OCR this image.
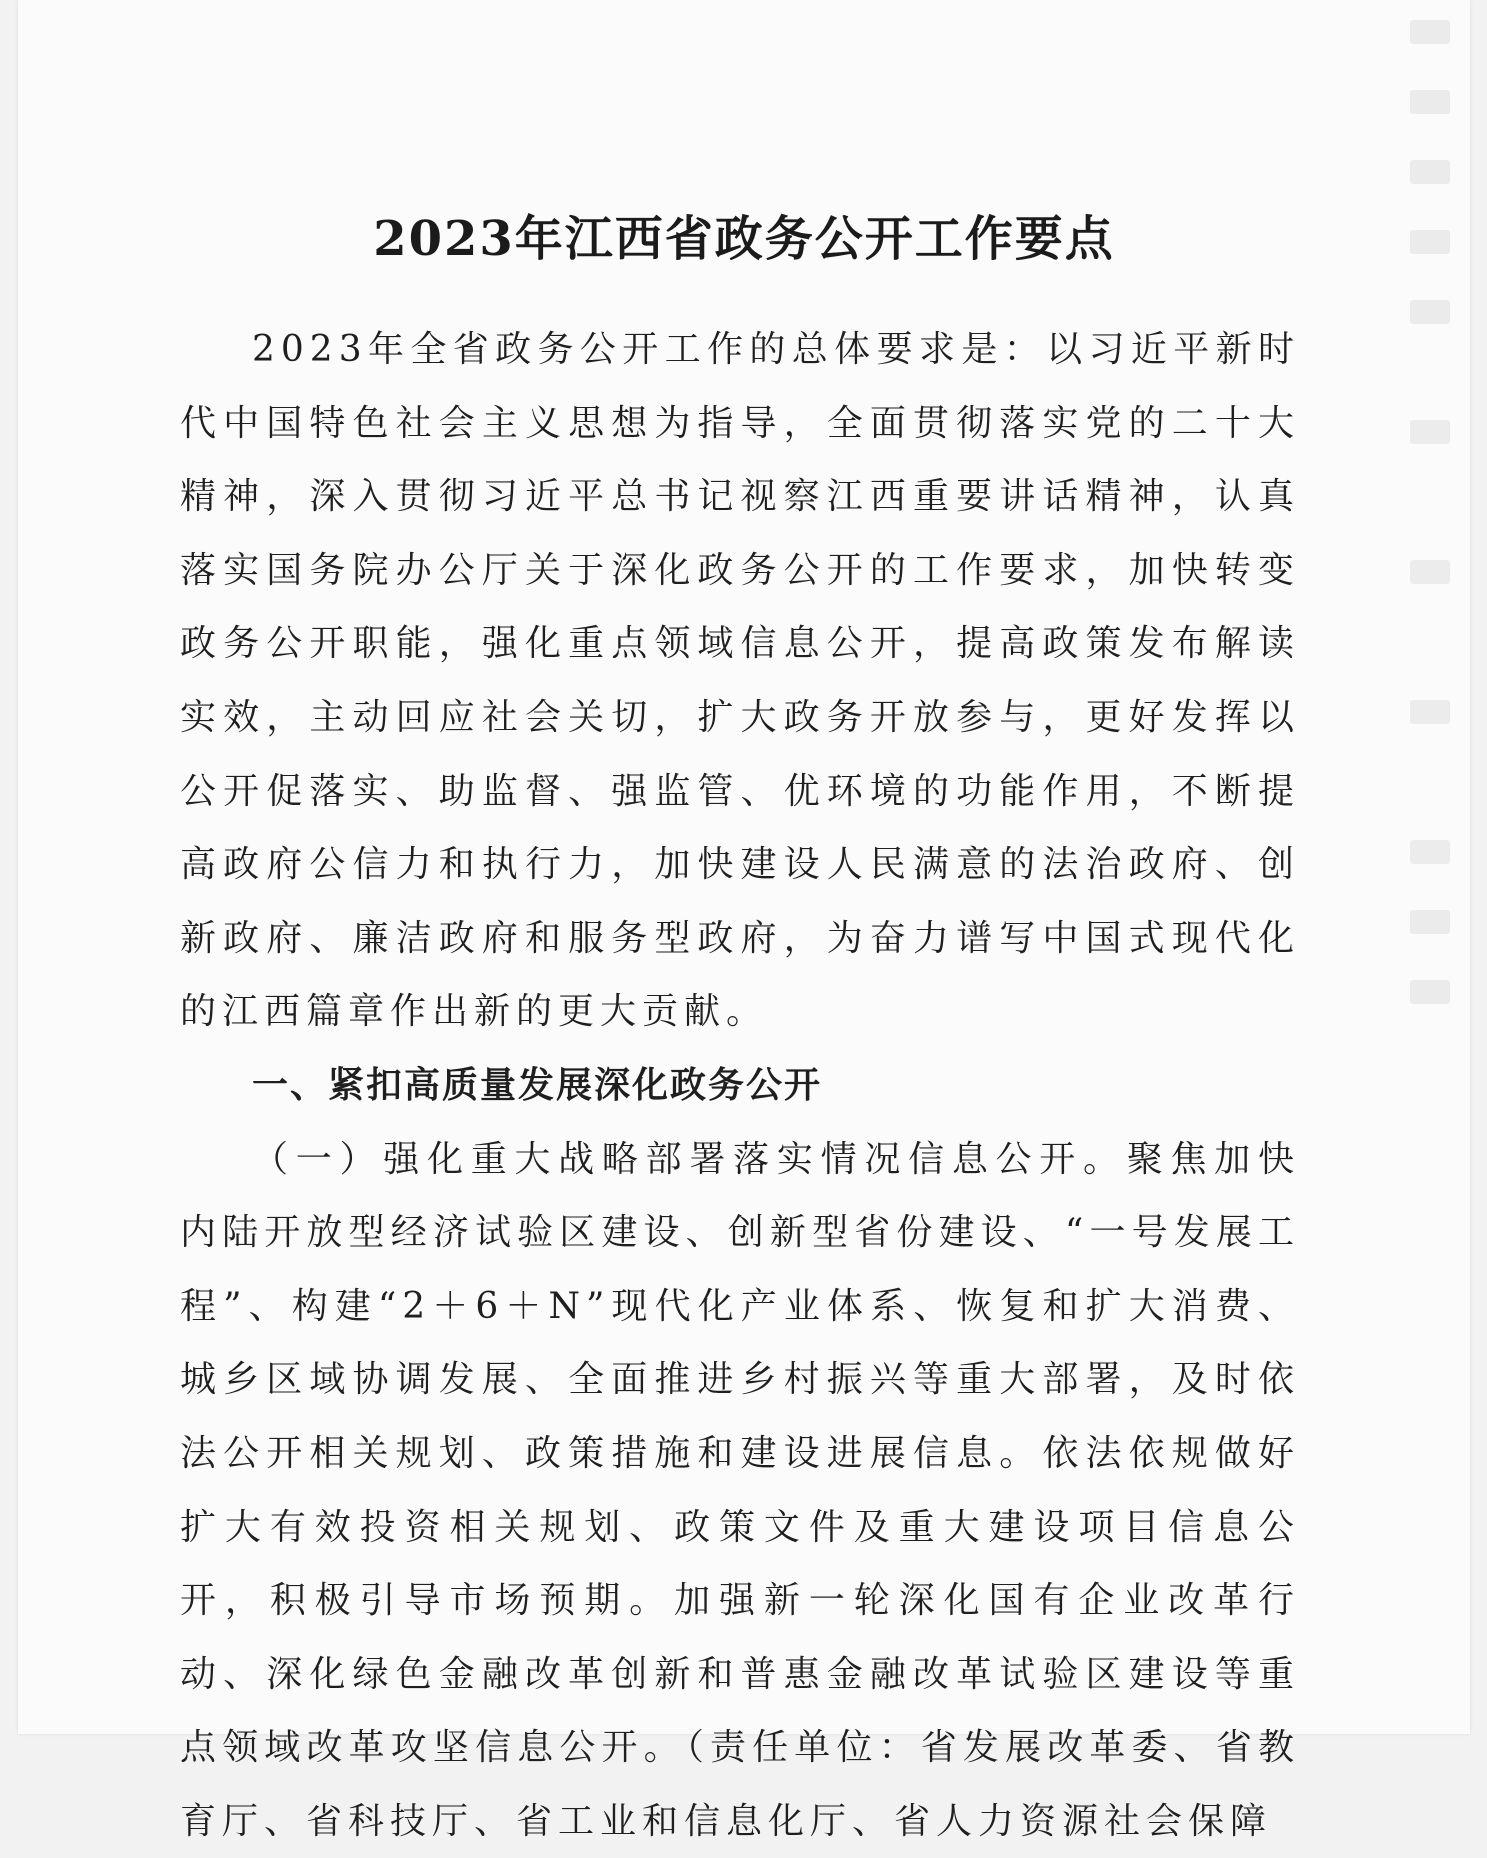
2023年江西省政务公开工作要点

2023年全省政务公开工作的总体要求是：以习近平新时代中国特色社会主义思想为指导，全面贯彻落实党的二十大精神，深入贯彻习近平总书记视察江西重要讲话精神，认真落实国务院办公厅关于深化政务公开的工作要求，加快转变政务公开职能，强化重点领域信息公开，提高政策发布解读实效，主动回应社会关切，扩大政务开放参与，更好发挥以公开促落实、助监督、强监管、优环境的功能作用，不断提高政府公信力和执行力，加快建设人民满意的法治政府、创新政府、廉洁政府和服务型政府，为奋力谱写中国式现代化的江西篇章作出新的更大贡献。

一、紧扣高质量发展深化政务公开

（一）强化重大战略部署落实情况信息公开。聚焦加快内陆开放型经济试验区建设、创新型省份建设、“一号发展工程”、构建“2＋6＋N”现代化产业体系、恢复和扩大消费、城乡区域协调发展、全面推进乡村振兴等重大部署，及时依法公开相关规划、政策措施和建设进展信息。依法依规做好扩大有效投资相关规划、政策文件及重大建设项目信息公开，积极引导市场预期。加强新一轮深化国有企业改革行动、深化绿色金融改革创新和普惠金融改革试验区建设等重点领域改革攻坚信息公开。（责任单位：省发展改革委、省教育厅、省科技厅、省工业和信息化厅、省人力资源社会保障
